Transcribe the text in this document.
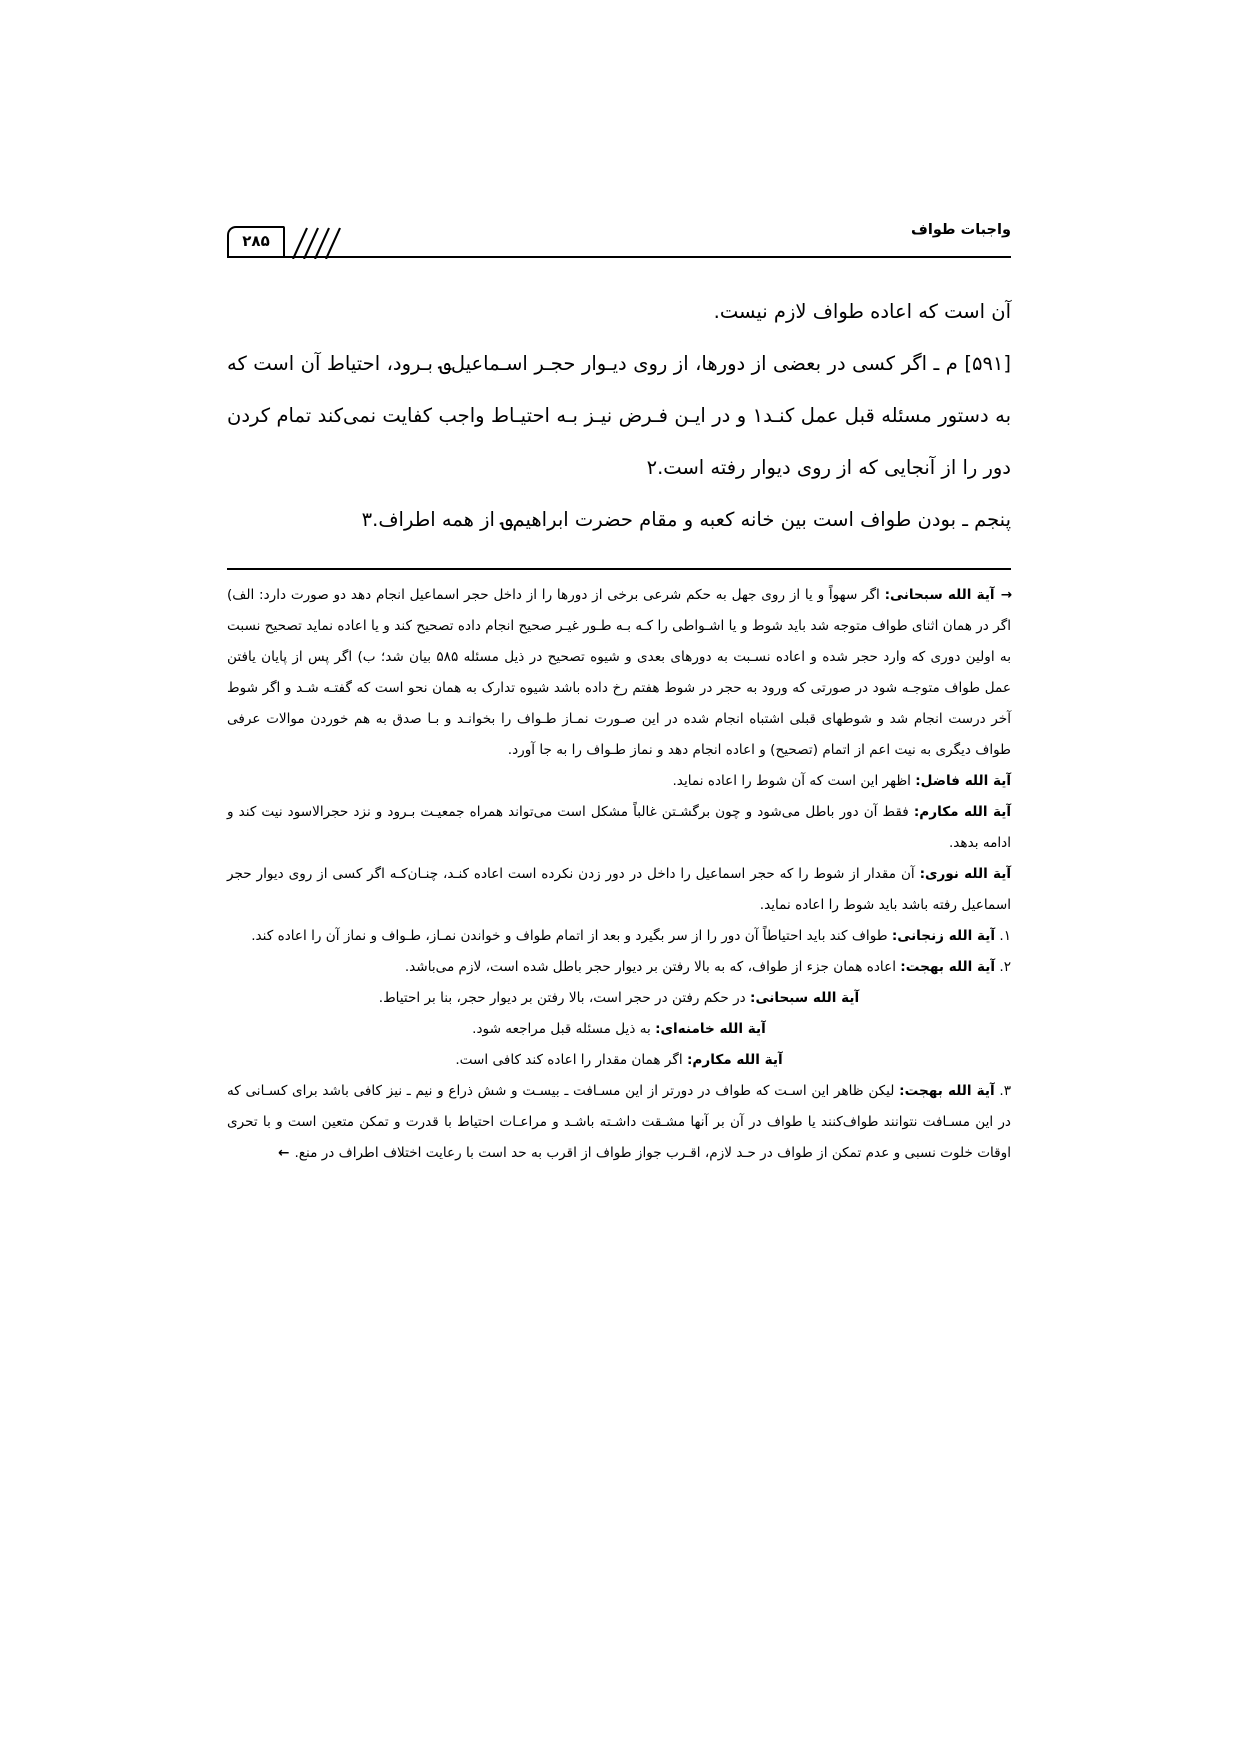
واجبات طواف
۲۸۵

آن است که اعاده طواف لازم نیست.

[۵۹۱] م ـ اگر کسی در بعضی از دورها، از روی دیـوار حجـر اسـماعیل؈ بـرود، احتیاط آن است که به دستور مسئله قبل عمل کنـد۱ و در ایـن فـرض نیـز بـه احتیـاط واجب کفایت نمی‌کند تمام کردن دور را از آنجایی که از روی دیوار رفته است.۲

پنجم ـ بودن طواف است بین خانه کعبه و مقام حضرت ابراهیم؈ از همه اطراف.۳

→آیة الله سبحانی: اگر سهواً و یا از روی جهل به حکم شرعی برخی از دورها را از داخل حجر اسماعیل انجام دهد دو صورت دارد: الف) اگر در همان اثنای طواف متوجه شد باید شوط و یا اشـواطی را کـه بـه طـور غیـر صحیح انجام داده تصحیح کند و یا اعاده نماید تصحیح نسبت به اولین دوری که وارد حجر شده و اعاده نسـبت به دورهای بعدی و شیوه تصحیح در ذیل مسئله ۵۸۵ بیان شد؛ ب) اگر پس از پایان یافتن عمل طواف متوجـه شود در صورتی که ورود به حجر در شوط هفتم رخ داده باشد شیوه تدارک به همان نحو است که گفتـه شـد و اگر شوط آخر درست انجام شد و شوطهای قبلی اشتباه انجام شده در این صـورت نمـاز طـواف را بخوانـد و بـا صدق به هم خوردن موالات عرفی طواف دیگری به نیت اعم از اتمام (تصحیح) و اعاده انجام دهد و نماز طـواف را به جا آورد.

آیة الله فاضل: اظهر این است که آن شوط را اعاده نماید.

آیة الله مکارم: فقط آن دور باطل می‌شود و چون برگشـتن غالباً مشکل است می‌تواند همراه جمعیـت بـرود و نزد حجرالاسود نیت کند و ادامه بدهد.

آیة الله نوری: آن مقدار از شوط را که حجر اسماعیل را داخل در دور زدن نکرده است اعاده کنـد، چنـان‌کـه اگر کسی از روی دیوار حجر اسماعیل رفته باشد باید شوط را اعاده نماید.

۱. آیة الله زنجانی: طواف کند باید احتیاطاً آن دور را از سر بگیرد و بعد از اتمام طواف و خواندن نمـاز، طـواف و نماز آن را اعاده کند.

۲. آیة الله بهجت: اعاده همان جزء از طواف، که به بالا رفتن بر دیوار حجر باطل شده است، لازم می‌باشد.

آیة الله سبحانی: در حکم رفتن در حجر است، بالا رفتن بر دیوار حجر، بنا بر احتیاط.

آیة الله خامنه‌ای: به ذیل مسئله قبل مراجعه شود.

آیة الله مکارم: اگر همان مقدار را اعاده کند کافی است.

۳. آیة الله بهجت: لیکن ظاهر این اسـت که طواف در دورتر از این مسـافت ـ بیسـت و شش ذراع و نیم ـ نیز کافی باشد برای کسـانی که در این مسـافت نتوانند طواف‌کنند یا طواف در آن بر آنها مشـقت داشـته باشـد و مراعـات احتیاط با قدرت و تمکن متعین است و با تحری اوقات خلوت نسبی و عدم تمکن از طواف در حـد لازم، اقـرب جواز طواف از اقرب به حد است با رعایت اختلاف اطراف در منع.←
